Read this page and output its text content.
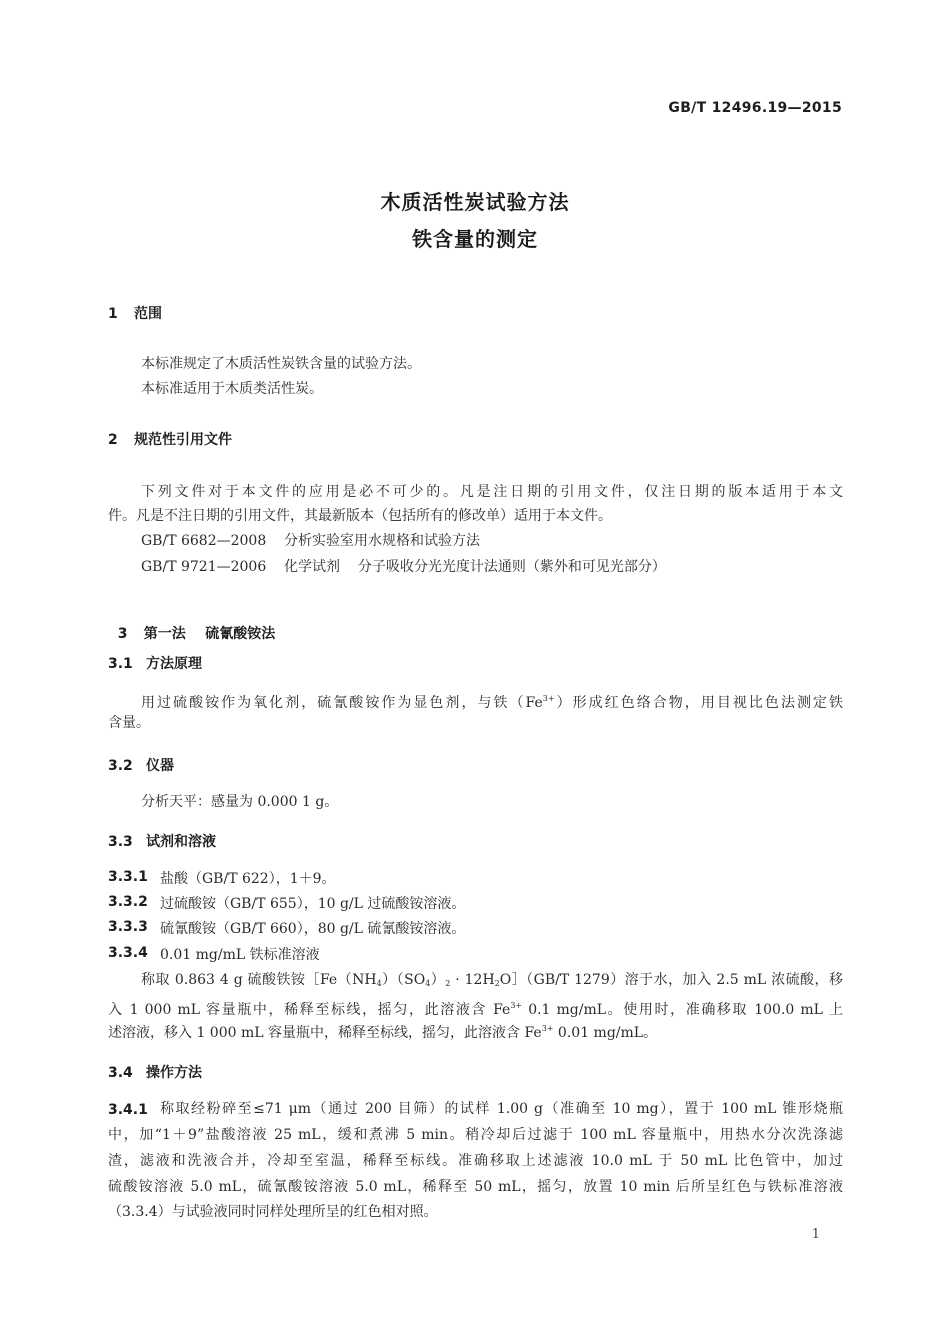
GB/T 12496.19—2015
木质活性炭试验方法
铁含量的测定
1 范围
本标准规定了木质活性炭铁含量的试验方法。
本标准适用于木质类活性炭。
2 规范性引用文件
下列文件对于本文件的应用是必不可少的。凡是注日期的引用文件，仅注日期的版本适用于本文
件。凡是不注日期的引用文件，其最新版本（包括所有的修改单）适用于本文件。
GB/T 6682—2008    分析实验室用水规格和试验方法
GB/T 9721—2006    化学试剂    分子吸收分光光度计法通则（紫外和可见光部分）

3 第一法    硫氰酸铵法

3.1 方法原理
用过硫酸铵作为氧化剂，硫氰酸铵作为显色剂，与铁$(Fe^{3+})$形成红色络合物，用目视比色法测定铁
含量。
3.2 仪器
分析天平：感量为 0.000 1 g。
3.3 试剂和溶液
3.3.1 盐酸（GB/T 622），1＋9。
3.3.2 过硫酸铵（GB/T 655），10 g/L 过硫酸铵溶液。
3.3.3 硫氰酸铵（GB/T 660），80 g/L 硫氰酸铵溶液。
3.3.4 0.01 mg/mL 铁标准溶液
称取 0.863 4 g 硫酸铁铵$[Fe(NH_4)(SO_4)_2$ · $12H_2O](GB/T$ 1279）溶于水，加入 2.5 mL 浓硫酸，移
入 1 000 mL 容量瓶中，稀释至标线，摇匀，此溶液含 $Fe^{3+}$ 0.1 mg/mL。使用时，准确移取 100.0 mL 上
述溶液，移入 1 000 mL 容量瓶中，稀释至标线，摇匀，此溶液含 $Fe^{3+}$ 0.01 mg/mL。
3.4 操作方法
3.4.1 称取经粉碎至≤71 μm（通过 200 目筛）的试样 1.00 g（准确至 10 mg），置于 100 mL 锥形烧瓶
中，加“1＋9”盐酸溶液 25 mL，缓和煮沸 5 min。稍冷却后过滤于 100 mL 容量瓶中，用热水分次洗涤滤
渣，滤液和洗液合并，冷却至室温，稀释至标线。准确移取上述滤液 10.0 mL 于 50 mL 比色管中，加过
硫酸铵溶液 5.0 mL，硫氰酸铵溶液 5.0 mL，稀释至 50 mL，摇匀，放置 10 min 后所呈红色与铁标准溶液
（3.3.4）与试验液同时同样处理所呈的红色相对照。
1
